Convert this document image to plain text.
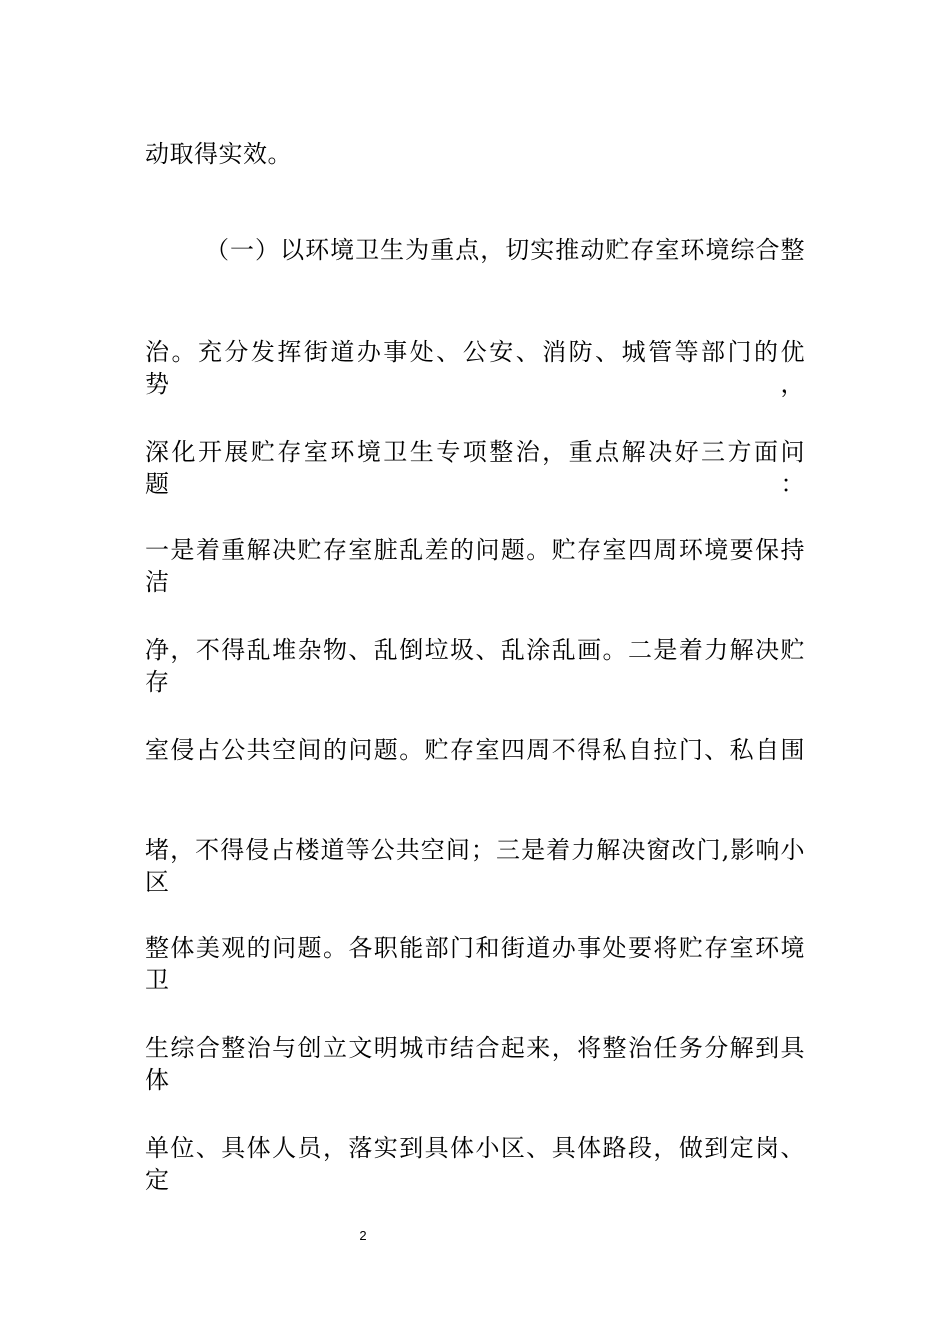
动取得实效。
（一）以环境卫生为重点，切实推动贮存室环境综合整
治。充分发挥街道办事处、公安、消防、城管等部门的优势，
深化开展贮存室环境卫生专项整治，重点解决好三方面问题：
一是着重解决贮存室脏乱差的问题。贮存室四周环境要保持洁
净，不得乱堆杂物、乱倒垃圾、乱涂乱画。二是着力解决贮存
室侵占公共空间的问题。贮存室四周不得私自拉门、私自围
堵，不得侵占楼道等公共空间；三是着力解决窗改门,影响小区
整体美观的问题。各职能部门和街道办事处要将贮存室环境卫
生综合整治与创立文明城市结合起来，将整治任务分解到具体
单位、具体人员，落实到具体小区、具体路段，做到定岗、定
2
